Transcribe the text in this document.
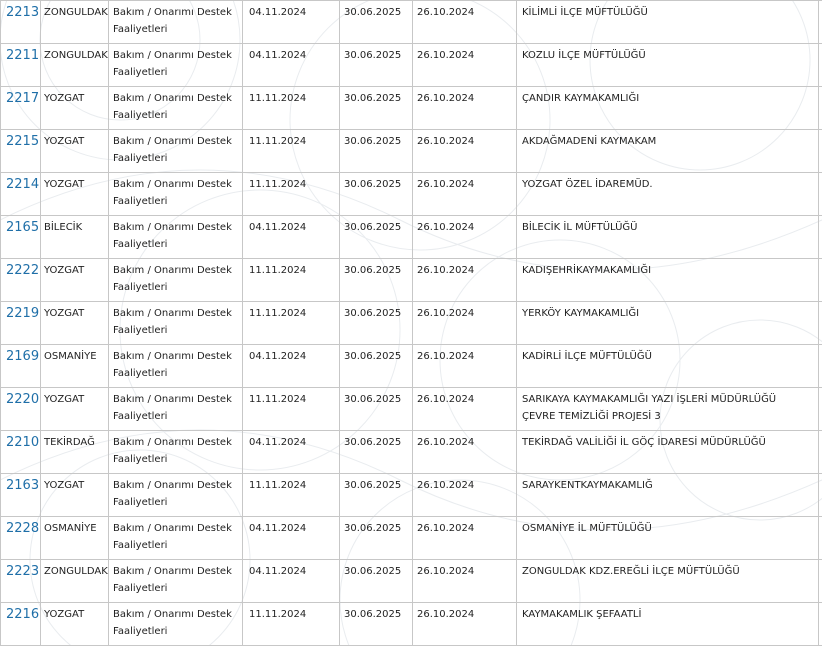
2213	ZONGULDAK	Bakım / Onarımı Destek Faaliyetleri	04.11.2024	30.06.2025	26.10.2024	KİLİMLİ İLÇE MÜFTÜLÜĞÜ	

2211	ZONGULDAK	Bakım / Onarımı Destek Faaliyetleri	04.11.2024	30.06.2025	26.10.2024	KOZLU İLÇE MÜFTÜLÜĞÜ	

2217	YOZGAT	Bakım / Onarımı Destek Faaliyetleri	11.11.2024	30.06.2025	26.10.2024	ÇANDIR KAYMAKAMLIĞI	

2215	YOZGAT	Bakım / Onarımı Destek Faaliyetleri	11.11.2024	30.06.2025	26.10.2024	AKDAĞMADENİ KAYMAKAM	

2214	YOZGAT	Bakım / Onarımı Destek Faaliyetleri	11.11.2024	30.06.2025	26.10.2024	YOZGAT ÖZEL İDAREMÜD.	

2165	BİLECİK	Bakım / Onarımı Destek Faaliyetleri	04.11.2024	30.06.2025	26.10.2024	BİLECİK İL MÜFTÜLÜĞÜ	

2222	YOZGAT	Bakım / Onarımı Destek Faaliyetleri	11.11.2024	30.06.2025	26.10.2024	KADIŞEHRİKAYMAKAMLIĞI	

2219	YOZGAT	Bakım / Onarımı Destek Faaliyetleri	11.11.2024	30.06.2025	26.10.2024	YERKÖY KAYMAKAMLIĞI	

2169	OSMANİYE	Bakım / Onarımı Destek Faaliyetleri	04.11.2024	30.06.2025	26.10.2024	KADİRLİ İLÇE MÜFTÜLÜĞÜ	

2220	YOZGAT	Bakım / Onarımı Destek Faaliyetleri	11.11.2024	30.06.2025	26.10.2024	SARIKAYA KAYMAKAMLIĞI YAZI İŞLERİ MÜDÜRLÜĞÜ ÇEVRE TEMİZLİĞİ PROJESİ 3	

2210	TEKİRDAĞ	Bakım / Onarımı Destek Faaliyetleri	04.11.2024	30.06.2025	26.10.2024	TEKİRDAĞ VALİLİĞİ İL GÖÇ İDARESİ MÜDÜRLÜĞÜ	

2163	YOZGAT	Bakım / Onarımı Destek Faaliyetleri	11.11.2024	30.06.2025	26.10.2024	SARAYKENTKAYMAKAMLIĞ	

2228	OSMANİYE	Bakım / Onarımı Destek Faaliyetleri	04.11.2024	30.06.2025	26.10.2024	OSMANİYE İL MÜFTÜLÜĞÜ	

2223	ZONGULDAK	Bakım / Onarımı Destek Faaliyetleri	04.11.2024	30.06.2025	26.10.2024	ZONGULDAK KDZ.EREĞLİ İLÇE MÜFTÜLÜĞÜ	

2216	YOZGAT	Bakım / Onarımı Destek Faaliyetleri	11.11.2024	30.06.2025	26.10.2024	KAYMAKAMLIK ŞEFAATLİ	
